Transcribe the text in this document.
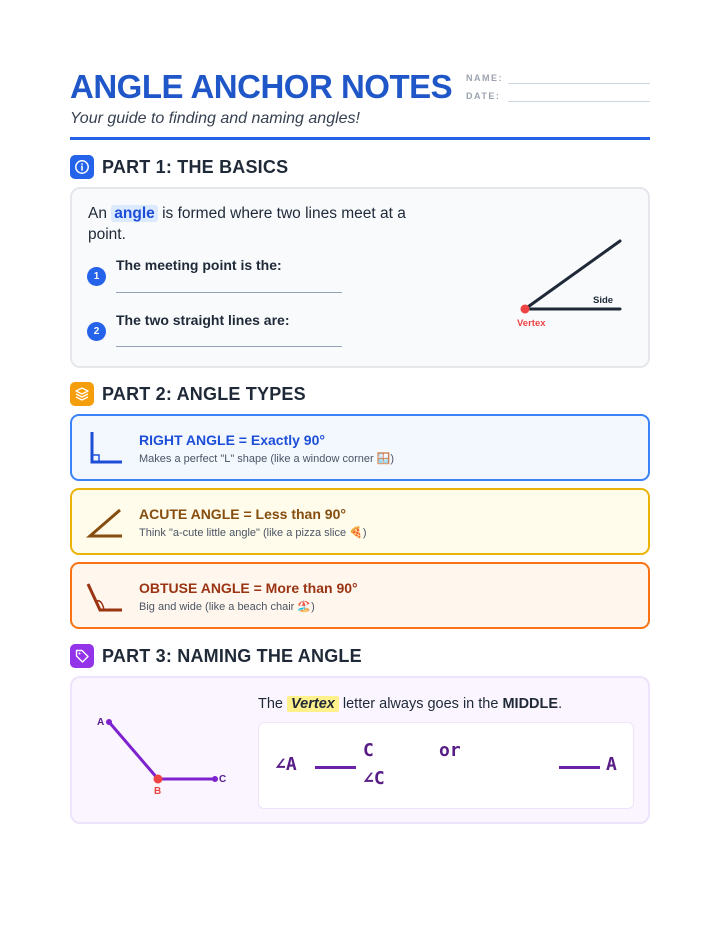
ANGLE ANCHOR NOTES
Your guide to finding and naming angles!
NAME:
DATE:
PART 1: THE BASICS
An angle is formed where two lines meet at a point.
1
The meeting point is the:
2
The two straight lines are:
Side
Vertex
PART 2: ANGLE TYPES
RIGHT ANGLE = Exactly 90°
Makes a perfect "L" shape (like a window corner 🪟)
ACUTE ANGLE = Less than 90°
Think "a-cute little angle" (like a pizza slice 🍕)
OBTUSE ANGLE = More than 90°
Big and wide (like a beach chair 🏖️)
PART 3: NAMING THE ANGLE
A
B
C
The Vertex letter always goes in the MIDDLE.
∠A
C
∠C
or
A
